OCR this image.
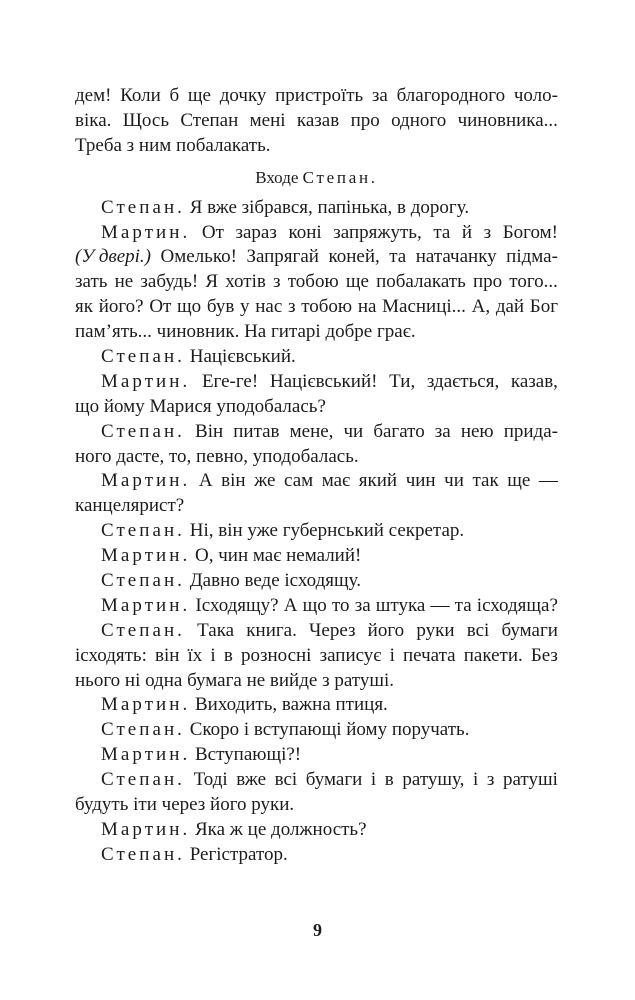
дем! Коли б ще дочку пристроїть за благородного чоло-
віка. Щось Степан мені казав про одного чиновника...
Треба з ним побалакать.
Входе Степан.
Степан. Я вже зібрався, папінька, в дорогу.
Мартин. От зараз коні запряжуть, та й з Богом!
(У двері.) Омелько! Запрягай коней, та натачанку підма-
зать не забудь! Я хотів з тобою ще побалакать про того...
як його? От що був у нас з тобою на Масниці... А, дай Бог
пам’ять... чиновник. На гитарі добре грає.
Степан. Націєвський.
Мартин. Еге-ге! Націєвський! Ти, здається, казав,
що йому Марися уподобалась?
Степан. Він питав мене, чи багато за нею прида-
ного дасте, то, певно, уподобалась.
Мартин. А він же сам має який чин чи так ще —
канцелярист?
Степан. Ні, він уже губернський секретар.
Мартин. О, чин має немалий!
Степан. Давно веде ісходящу.
Мартин. Ісходящу? А що то за штука — та ісходяща?
Степан. Така книга. Через його руки всі бумаги
ісходять: він їх і в розносні записує і печата пакети. Без
нього ні одна бумага не вийде з ратуші.
Мартин. Виходить, важна птиця.
Степан. Скоро і вступающі йому поручать.
Мартин. Вступающі?!
Степан. Тоді вже всі бумаги і в ратушу, і з ратуші
будуть іти через його руки.
Мартин. Яка ж це должность?
Степан. Регістратор.
9
